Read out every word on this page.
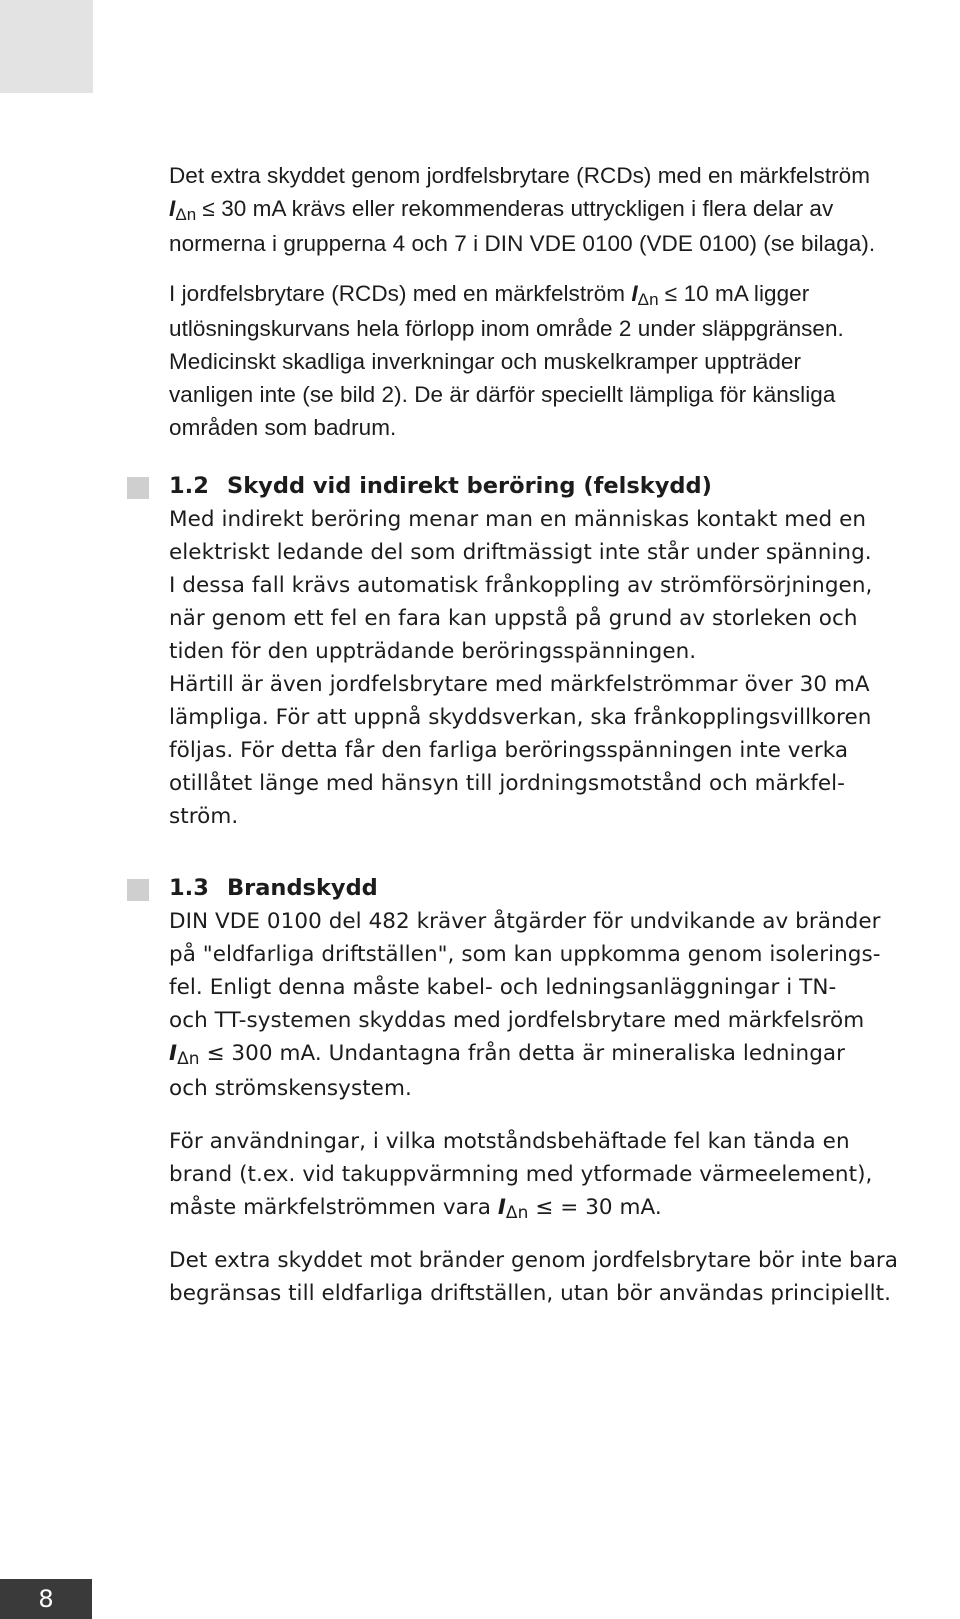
Det extra skyddet genom jordfelsbrytare (RCDs) med en märkfelström
IΔn ≤ 30 mA krävs eller rekommenderas uttryckligen i flera delar av
normerna i grupperna 4 och 7 i DIN VDE 0100 (VDE 0100) (se bilaga).
I jordfelsbrytare (RCDs) med en märkfelström IΔn ≤ 10 mA ligger
utlösningskurvans hela förlopp inom område 2 under släppgränsen.
Medicinskt skadliga inverkningar och muskelkramper uppträder
vanligen inte (se bild 2). De är därför speciellt lämpliga för känsliga
områden som badrum.
1.2 Skydd vid indirekt beröring (felskydd)
Med indirekt beröring menar man en människas kontakt med en
elektriskt ledande del som driftmässigt inte står under spänning.
I dessa fall krävs automatisk frånkoppling av strömförsörjningen,
när genom ett fel en fara kan uppstå på grund av storleken och
tiden för den uppträdande beröringsspänningen.
Härtill är även jordfelsbrytare med märkfelströmmar över 30 mA
lämpliga. För att uppnå skyddsverkan, ska frånkopplingsvillkoren
följas. För detta får den farliga beröringsspänningen inte verka
otillåtet länge med hänsyn till jordningsmotstånd och märkfel-
ström.
1.3 Brandskydd
DIN VDE 0100 del 482 kräver åtgärder för undvikande av bränder
på "eldfarliga driftställen", som kan uppkomma genom isolerings-
fel. Enligt denna måste kabel- och ledningsanläggningar i TN-
och TT-systemen skyddas med jordfelsbrytare med märkfelsröm
IΔn ≤ 300 mA. Undantagna från detta är mineraliska ledningar
och strömskensystem.
För användningar, i vilka motståndsbehäftade fel kan tända en
brand (t.ex. vid takuppvärmning med ytformade värmeelement),
måste märkfelströmmen vara IΔn ≤ = 30 mA.
Det extra skyddet mot bränder genom jordfelsbrytare bör inte bara
begränsas till eldfarliga driftställen, utan bör användas principiellt.
8
